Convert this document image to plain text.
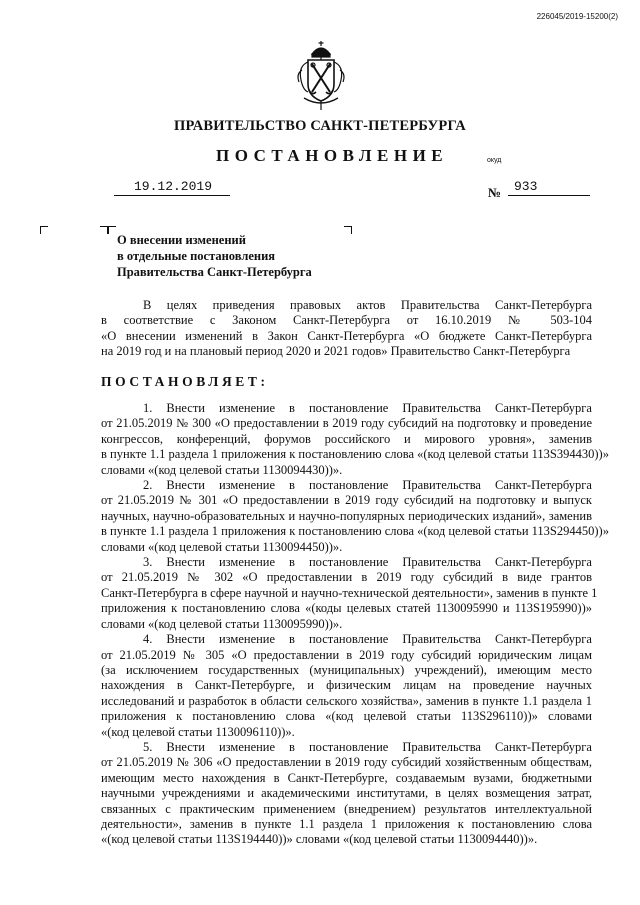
226045/2019-15200(2)
ПРАВИТЕЛЬСТВО САНКТ-ПЕТЕРБУРГА
ПОСТАНОВЛЕНИЕ	окуд
19.12.2019	№ 933
О внесении изменений
в отдельные постановления
Правительства Санкт-Петербурга
В целях приведения правовых актов Правительства Санкт-Петербурга
в соответствие с Законом Санкт-Петербурга от 16.10.2019 № 503-104
«О внесении изменений в Закон Санкт-Петербурга «О бюджете Санкт-Петербурга
на 2019 год и на плановый период 2020 и 2021 годов» Правительство Санкт-Петербурга
ПОСТАНОВЛЯЕТ:
1. Внести изменение в постановление Правительства Санкт-Петербурга
от 21.05.2019 № 300 «О предоставлении в 2019 году субсидий на подготовку и проведение
конгрессов, конференций, форумов российского и мирового уровня», заменив
в пункте 1.1 раздела 1 приложения к постановлению слова «(код целевой статьи 113S394430))»
словами «(код целевой статьи 1130094430))».
2. Внести изменение в постановление Правительства Санкт-Петербурга
от 21.05.2019 № 301 «О предоставлении в 2019 году субсидий на подготовку и выпуск
научных, научно-образовательных и научно-популярных периодических изданий», заменив
в пункте 1.1 раздела 1 приложения к постановлению слова «(код целевой статьи 113S294450))»
словами «(код целевой статьи 1130094450))».
3. Внести изменение в постановление Правительства Санкт-Петербурга
от 21.05.2019 № 302 «О предоставлении в 2019 году субсидий в виде грантов
Санкт-Петербурга в сфере научной и научно-технической деятельности», заменив в пункте 1
приложения к постановлению слова «(коды целевых статей 1130095990 и 113S195990))»
словами «(код целевой статьи 1130095990))».
4. Внести изменение в постановление Правительства Санкт-Петербурга
от 21.05.2019 № 305 «О предоставлении в 2019 году субсидий юридическим лицам
(за исключением государственных (муниципальных) учреждений), имеющим место
нахождения в Санкт-Петербурге, и физическим лицам на проведение научных
исследований и разработок в области сельского хозяйства», заменив в пункте 1.1 раздела 1
приложения к постановлению слова «(код целевой статьи 113S296110))» словами
«(код целевой статьи 1130096110))».
5. Внести изменение в постановление Правительства Санкт-Петербурга
от 21.05.2019 № 306 «О предоставлении в 2019 году субсидий хозяйственным обществам,
имеющим место нахождения в Санкт-Петербурге, создаваемым вузами, бюджетными
научными учреждениями и академическими институтами, в целях возмещения затрат,
связанных с практическим применением (внедрением) результатов интеллектуальной
деятельности», заменив в пункте 1.1 раздела 1 приложения к постановлению слова
«(код целевой статьи 113S194440))» словами «(код целевой статьи 1130094440))».
